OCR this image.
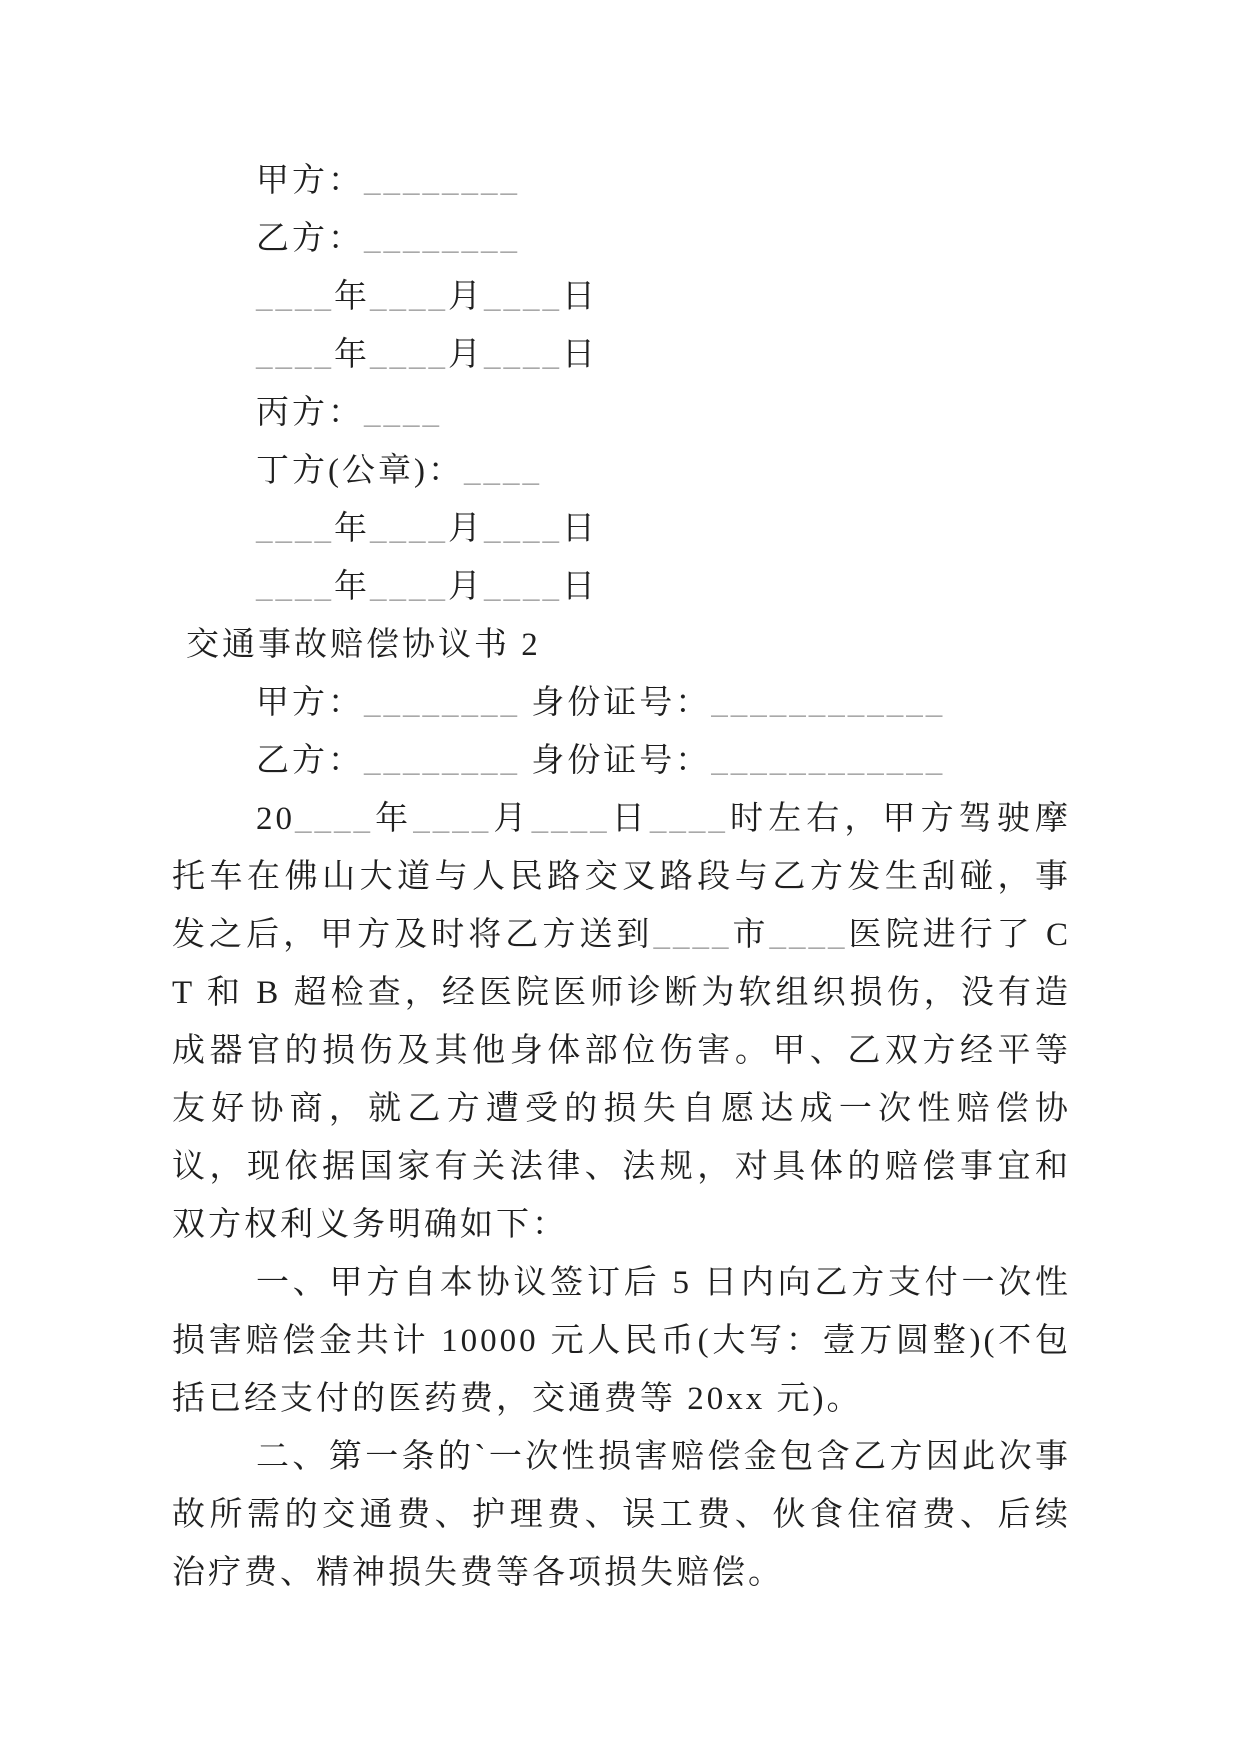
甲方：________
乙方：________
____年____月____日
____年____月____日
丙方：____
丁方(公章)：____
____年____月____日
____年____月____日
交通事故赔偿协议书 2
甲方：________ 身份证号：____________
乙方：________ 身份证号：____________

20____年____月____日____时左右，甲方驾驶摩托车在佛山大道与人民路交叉路段与乙方发生刮碰，事发之后，甲方及时将乙方送到____市____医院进行了 CT 和 B 超检查，经医院医师诊断为软组织损伤，没有造成器官的损伤及其他身体部位伤害。甲、乙双方经平等友好协商，就乙方遭受的损失自愿达成一次性赔偿协议，现依据国家有关法律、法规，对具体的赔偿事宜和双方权利义务明确如下：

一、甲方自本协议签订后 5 日内向乙方支付一次性损害赔偿金共计 10000 元人民币(大写：壹万圆整)(不包括已经支付的医药费，交通费等 20xx 元)。

二、第一条的`一次性损害赔偿金包含乙方因此次事故所需的交通费、护理费、误工费、伙食住宿费、后续治疗费、精神损失费等各项损失赔偿。
